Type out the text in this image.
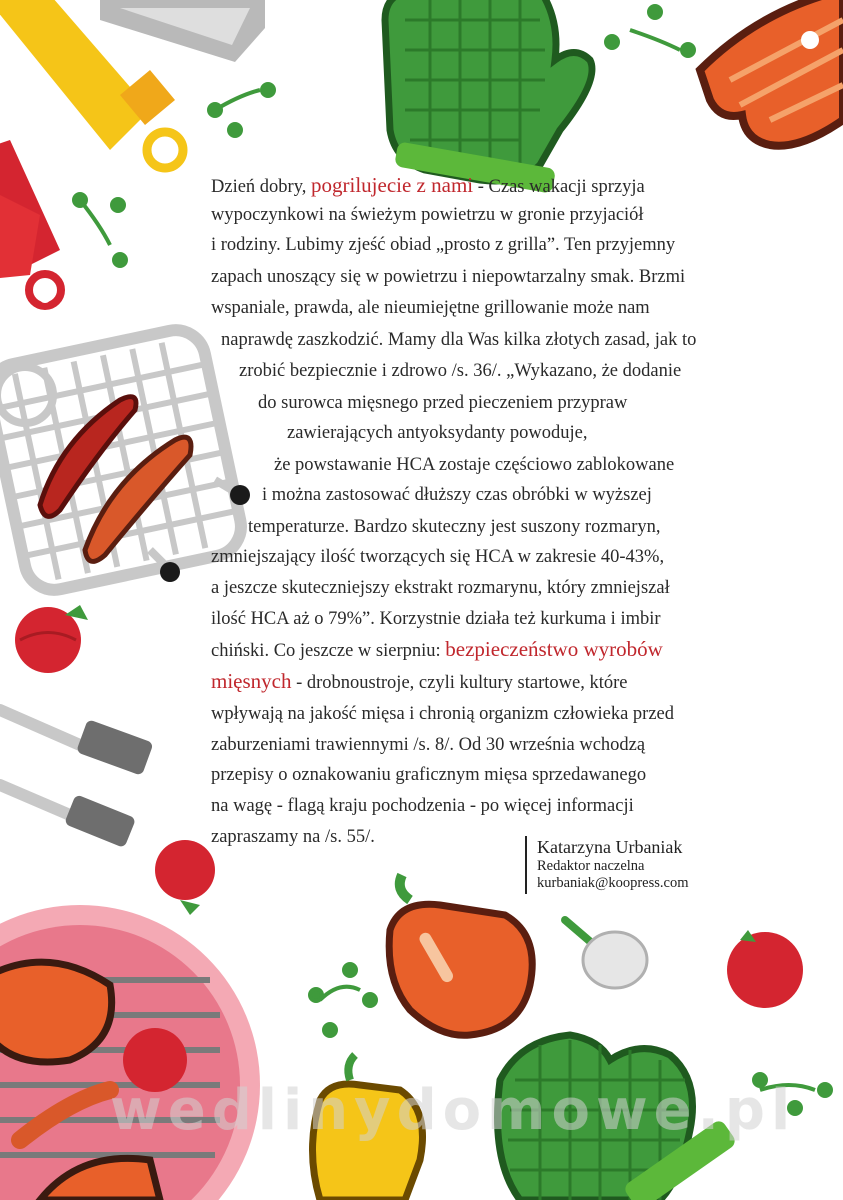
Dzień dobry, pogrilujecie z nami - Czas wakacji sprzyja
wypoczynkowi na świeżym powietrzu w gronie przyjaciół
i rodziny. Lubimy zjeść obiad „prosto z grilla”. Ten przyjemny
zapach unoszący się w powietrzu i niepowtarzalny smak. Brzmi
wspaniale, prawda, ale nieumiejętne grillowanie może nam
naprawdę zaszkodzić. Mamy dla Was kilka złotych zasad, jak to
zrobić bezpiecznie i zdrowo /s. 36/. „Wykazano, że dodanie
do surowca mięsnego przed pieczeniem przypraw
zawierających antyoksydanty powoduje,
że powstawanie HCA zostaje częściowo zablokowane
i można zastosować dłuższy czas obróbki w wyższej
temperaturze. Bardzo skuteczny jest suszony rozmaryn,
zmniejszający ilość tworzących się HCA w zakresie 40-43%,
a jeszcze skuteczniejszy ekstrakt rozmarynu, który zmniejszał
ilość HCA aż o 79%”. Korzystnie działa też kurkuma i imbir
chiński. Co jeszcze w sierpniu: bezpieczeństwo wyrobów
mięsnych - drobnoustroje, czyli kultury startowe, które
wpływają na jakość mięsa i chronią organizm człowieka przed
zaburzeniami trawiennymi /s. 8/. Od 30 września wchodzą
przepisy o oznakowaniu graficznym mięsa sprzedawanego
na wagę - flagą kraju pochodzenia - po więcej informacji
zapraszamy na /s. 55/.	Katarzyna Urbaniak
Redaktor naczelna
kurbaniak@koopress.com
wedlinydomowe.pl
